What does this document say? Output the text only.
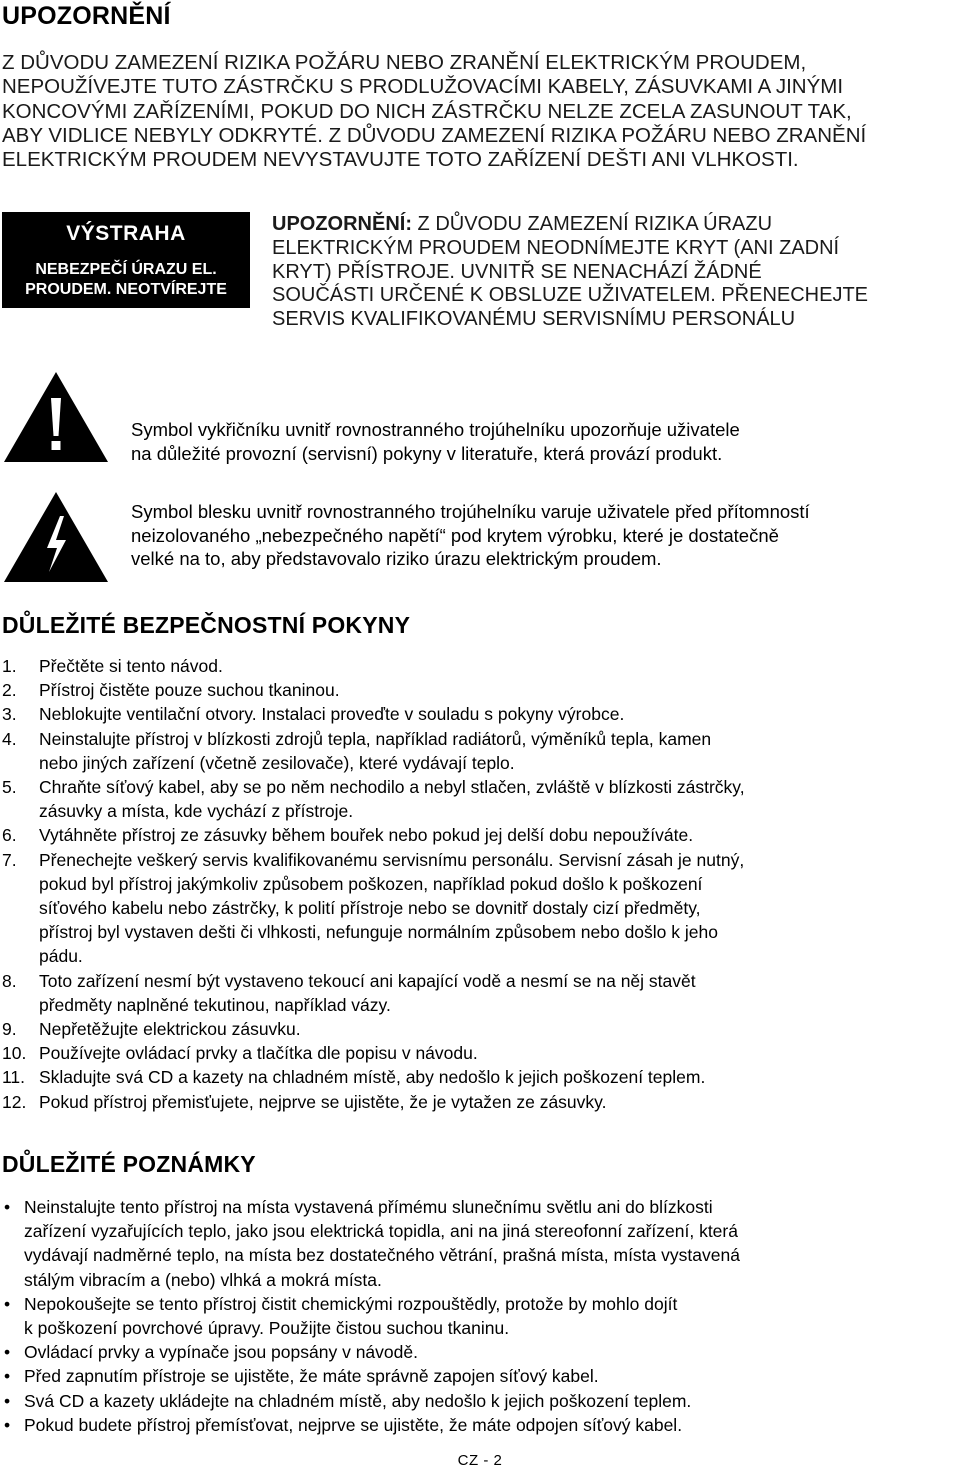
UPOZORNĚNÍ

Z DŮVODU ZAMEZENÍ RIZIKA POŽÁRU NEBO ZRANĚNÍ ELEKTRICKÝM PROUDEM,

NEPOUŽÍVEJTE TUTO ZÁSTRČKU S PRODLUŽOVACÍMI KABELY, ZÁSUVKAMI A JINÝMI

KONCOVÝMI ZAŘÍZENÍMI, POKUD DO NICH ZÁSTRČKU NELZE ZCELA ZASUNOUT TAK,

ABY VIDLICE NEBYLY ODKRYTÉ. Z DŮVODU ZAMEZENÍ RIZIKA POŽÁRU NEBO ZRANĚNÍ

ELEKTRICKÝM PROUDEM NEVYSTAVUJTE TOTO ZAŘÍZENÍ DEŠTI ANI VLHKOSTI.

VÝSTRAHA
NEBEZPEČÍ ÚRAZU EL.
PROUDEM. NEOTVÍREJTE

UPOZORNĚNÍ: Z DŮVODU ZAMEZENÍ RIZIKA ÚRAZU

ELEKTRICKÝM PROUDEM NEODNÍMEJTE KRYT (ANI ZADNÍ

KRYT) PŘÍSTROJE. UVNITŘ SE NENACHÁZÍ ŽÁDNÉ

SOUČÁSTI URČENÉ K OBSLUZE UŽIVATELEM. PŘENECHEJTE

SERVIS KVALIFIKOVANÉMU SERVISNÍMU PERSONÁLU

Symbol vykřičníku uvnitř rovnostranného trojúhelníku upozorňuje uživatele

na důležité provozní (servisní) pokyny v literatuře, která provází produkt.

Symbol blesku uvnitř rovnostranného trojúhelníku varuje uživatele před přítomností

neizolovaného „nebezpečného napětí“ pod krytem výrobku, které je dostatečně

velké na to, aby představovalo riziko úrazu elektrickým proudem.

DŮLEŽITÉ BEZPEČNOSTNÍ POKYNY
1. Přečtěte si tento návod.
2. Přístroj čistěte pouze suchou tkaninou.
3. Neblokujte ventilační otvory. Instalaci proveďte v souladu s pokyny výrobce.
4. Neinstalujte přístroj v blízkosti zdrojů tepla, například radiátorů, výměníků tepla, kamen
nebo jiných zařízení (včetně zesilovače), které vydávají teplo.
5. Chraňte síťový kabel, aby se po něm nechodilo a nebyl stlačen, zvláště v blízkosti zástrčky,
zásuvky a místa, kde vychází z přístroje.
6. Vytáhněte přístroj ze zásuvky během bouřek nebo pokud jej delší dobu nepoužíváte.
7. Přenechejte veškerý servis kvalifikovanému servisnímu personálu. Servisní zásah je nutný,
pokud byl přístroj jakýmkoliv způsobem poškozen, například pokud došlo k poškození
síťového kabelu nebo zástrčky, k polití přístroje nebo se dovnitř dostaly cizí předměty,
přístroj byl vystaven dešti či vlhkosti, nefunguje normálním způsobem nebo došlo k jeho
pádu.
8. Toto zařízení nesmí být vystaveno tekoucí ani kapající vodě a nesmí se na něj stavět
předměty naplněné tekutinou, například vázy.
9. Nepřetěžujte elektrickou zásuvku.
10. Používejte ovládací prvky a tlačítka dle popisu v návodu.
11. Skladujte svá CD a kazety na chladném místě, aby nedošlo k jejich poškození teplem.
12. Pokud přístroj přemisťujete, nejprve se ujistěte, že je vytažen ze zásuvky.
DŮLEŽITÉ POZNÁMKY
• Neinstalujte tento přístroj na místa vystavená přímému slunečnímu světlu ani do blízkosti
zařízení vyzařujících teplo, jako jsou elektrická topidla, ani na jiná stereofonní zařízení, která
vydávají nadměrné teplo, na místa bez dostatečného větrání, prašná místa, místa vystavená
stálým vibracím a (nebo) vlhká a mokrá místa.
• Nepokoušejte se tento přístroj čistit chemickými rozpouštědly, protože by mohlo dojít
k poškození povrchové úpravy. Použijte čistou suchou tkaninu.
• Ovládací prvky a vypínače jsou popsány v návodě.
• Před zapnutím přístroje se ujistěte, že máte správně zapojen síťový kabel.
• Svá CD a kazety ukládejte na chladném místě, aby nedošlo k jejich poškození teplem.
• Pokud budete přístroj přemísťovat, nejprve se ujistěte, že máte odpojen síťový kabel.
CZ - 2
